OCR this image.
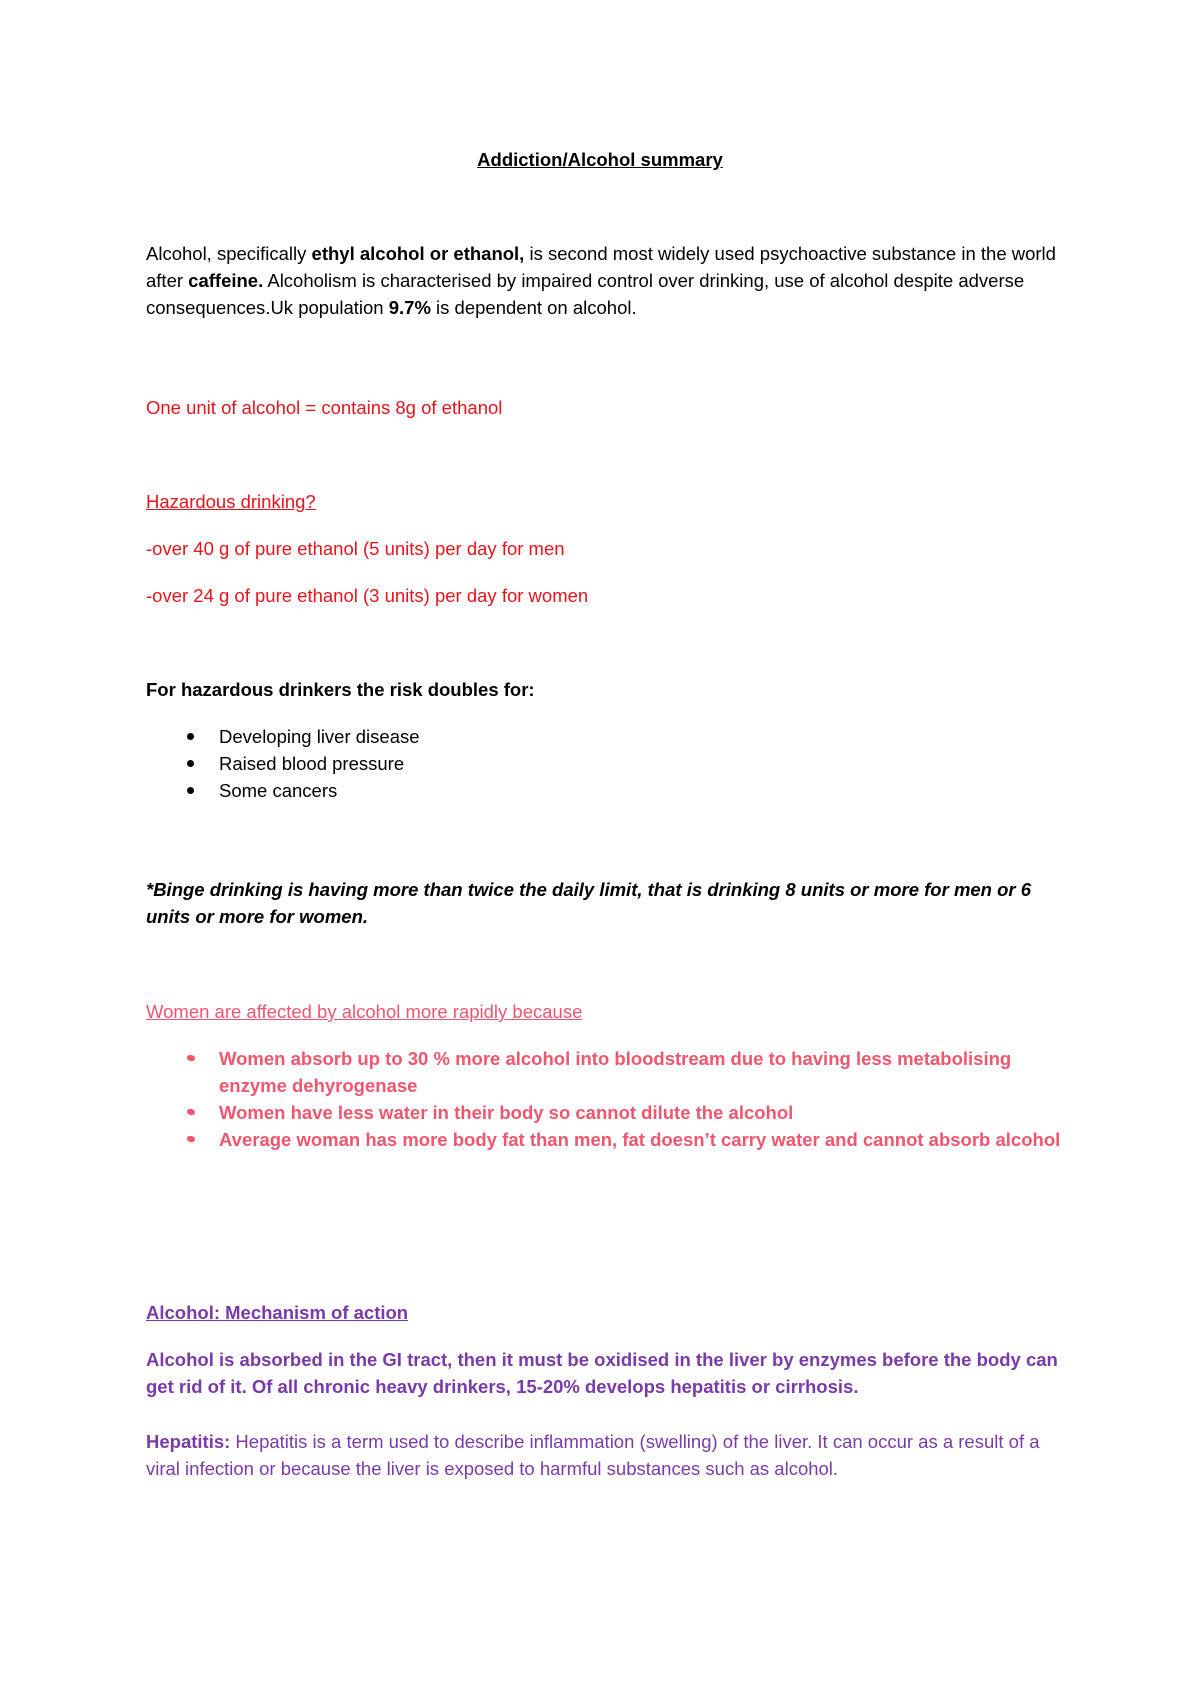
Addiction/Alcohol summary

Alcohol, specifically ethyl alcohol or ethanol, is second most widely used psychoactive substance in the world after caffeine. Alcoholism is characterised by impaired control over drinking, use of alcohol despite adverse consequences.Uk population 9.7% is dependent on alcohol.

One unit of alcohol = contains 8g of ethanol

Hazardous drinking?

-over 40 g of pure ethanol (5 units) per day for men

-over 24 g of pure ethanol (3 units) per day for women

For hazardous drinkers the risk doubles for:

Developing liver disease
Raised blood pressure
Some cancers

*Binge drinking is having more than twice the daily limit, that is drinking 8 units or more for men or 6 units or more for women.

Women are affected by alcohol more rapidly because

Women absorb up to 30 % more alcohol into bloodstream due to having less metabolising enzyme dehyrogenase
Women have less water in their body so cannot dilute the alcohol
Average woman has more body fat than men, fat doesn’t carry water and cannot absorb alcohol

Alcohol: Mechanism of action

Alcohol is absorbed in the GI tract, then it must be oxidised in the liver by enzymes before the body can get rid of it. Of all chronic heavy drinkers, 15-20% develops hepatitis or cirrhosis.

Hepatitis: Hepatitis is a term used to describe inflammation (swelling) of the liver. It can occur as a result of a viral infection or because the liver is exposed to harmful substances such as alcohol.
